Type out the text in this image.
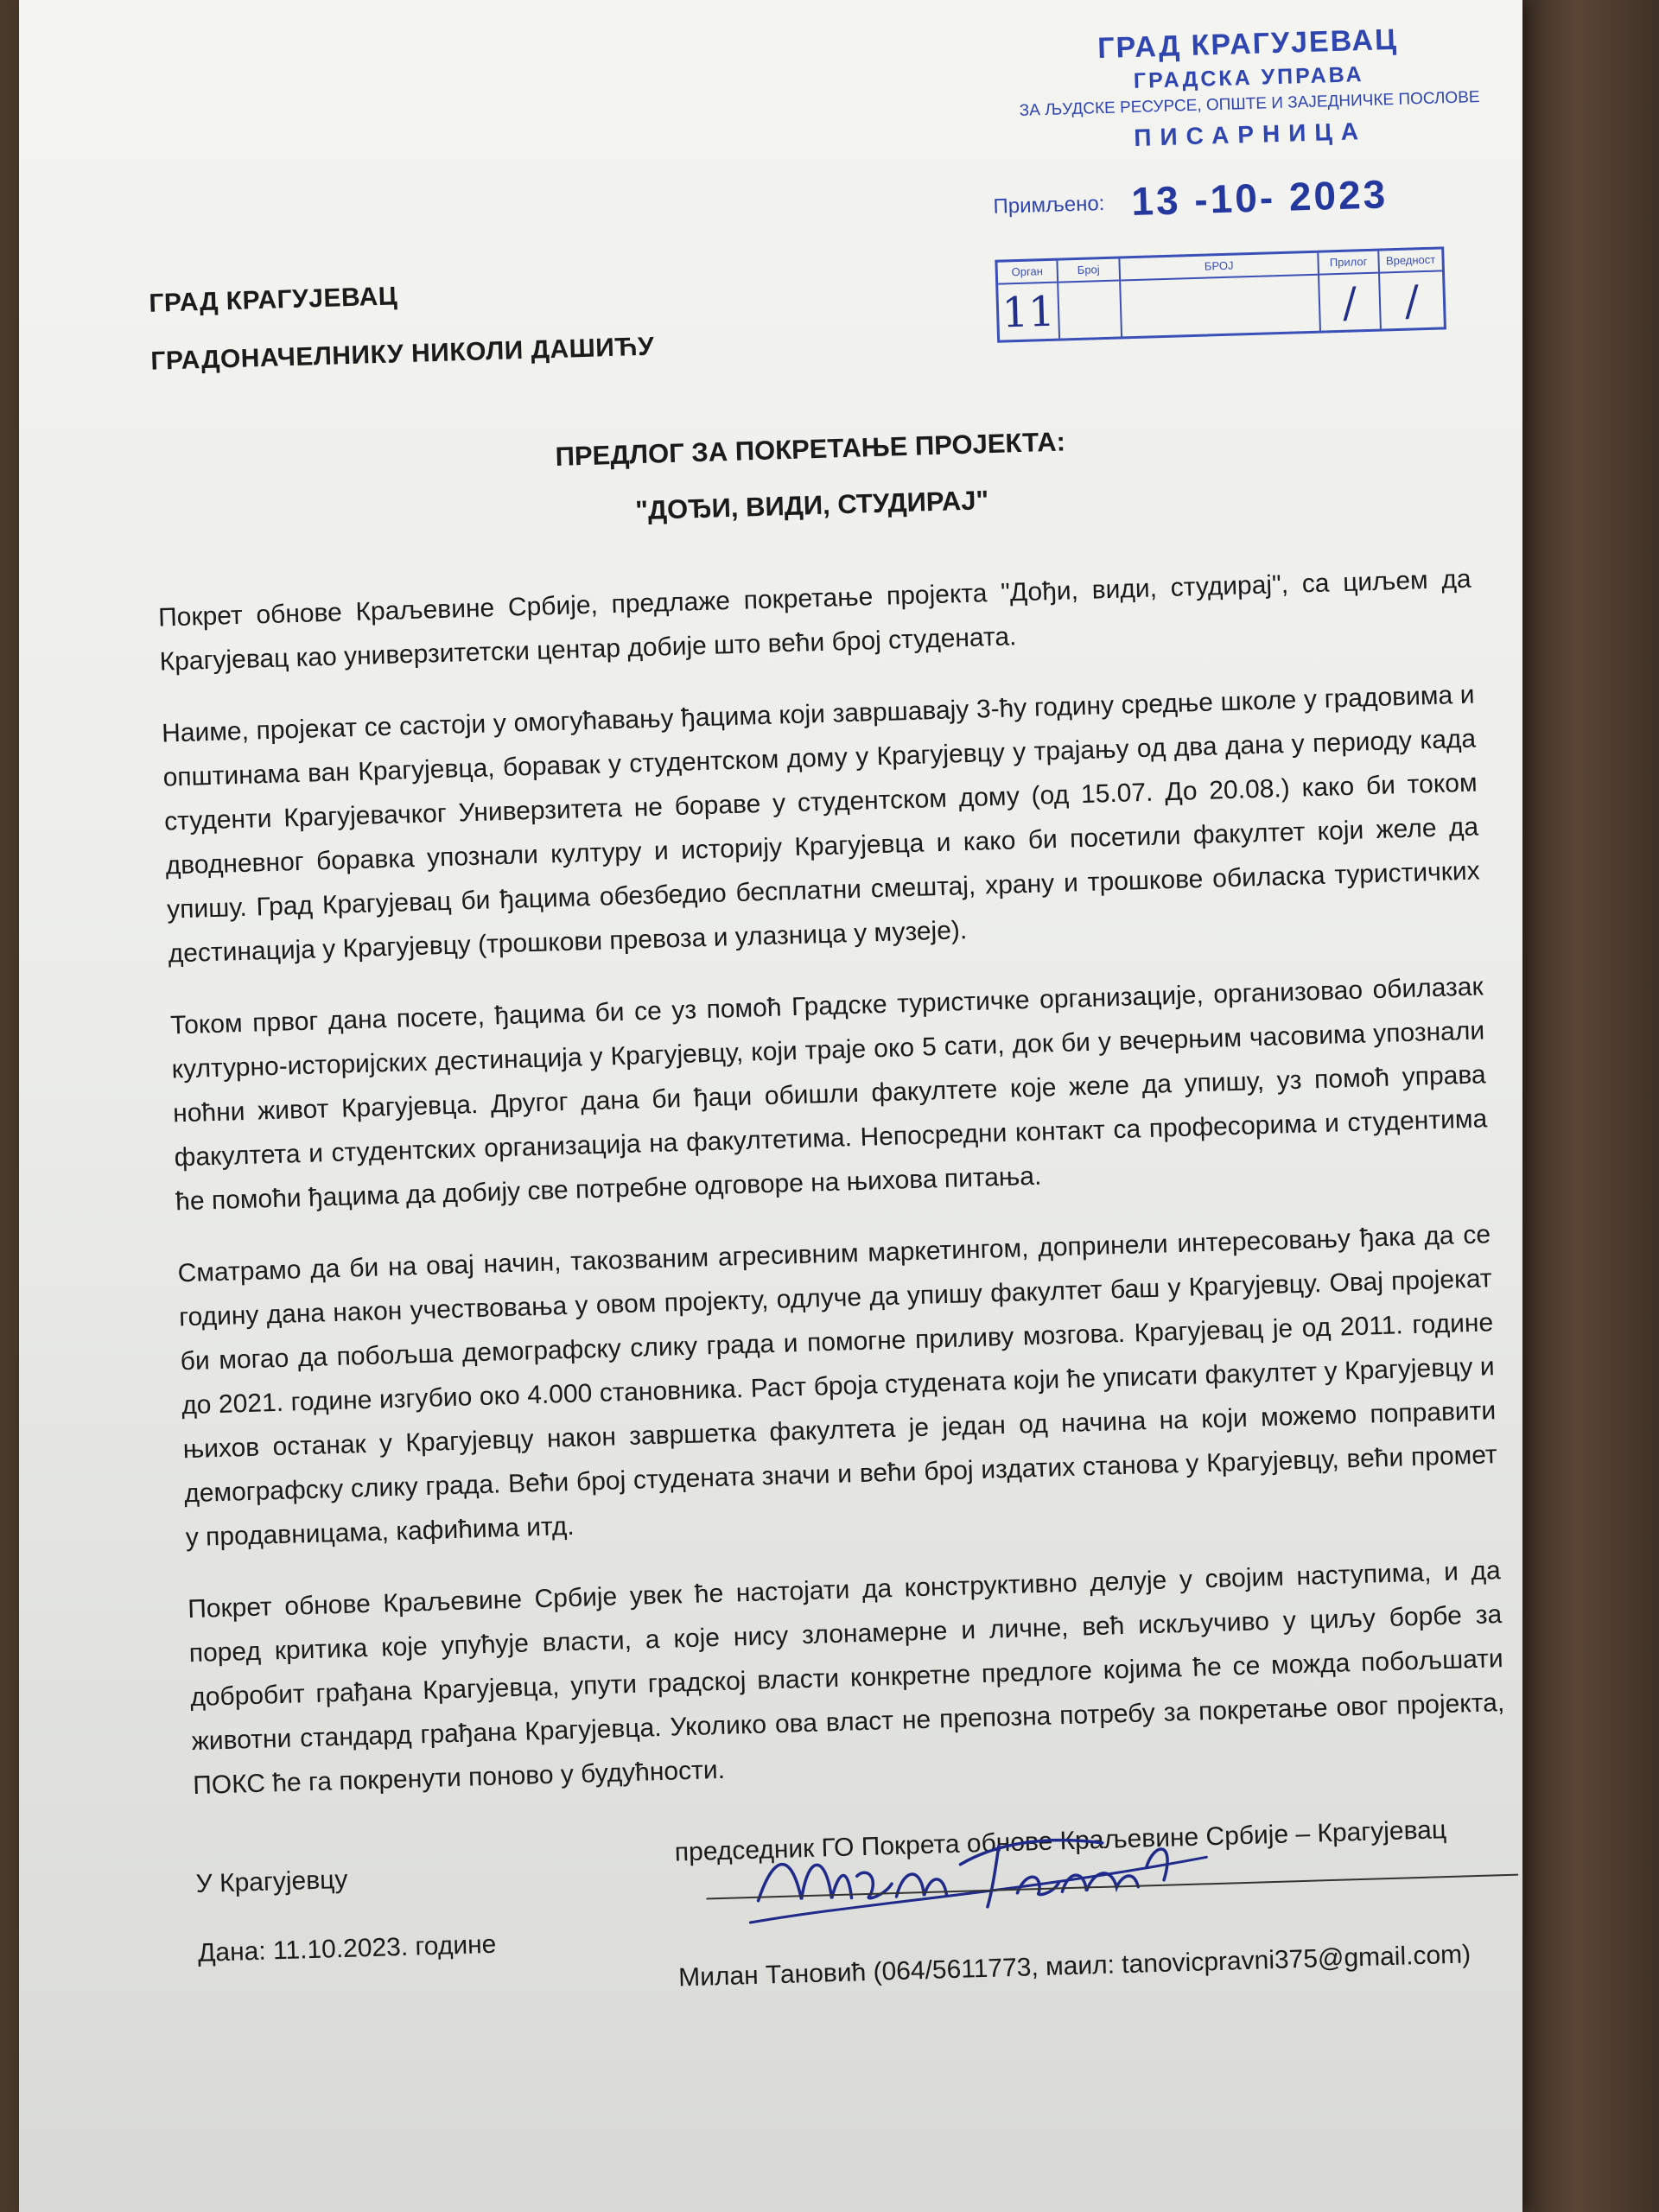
ГРАД КРАГУЈЕВАЦ
ГРАДСКА УПРАВА
ЗА ЉУДСКЕ РЕСУРСЕ, ОПШТЕ И ЗАЈЕДНИЧКЕ ПОСЛОВЕ
ПИСАРНИЦА
Примљено: 13 -10- 2023
Орган
11
Број	БРОЈ	Прилог
/
Вредност
/
ГРАД КРАГУЈЕВАЦ
ГРАДОНАЧЕЛНИКУ НИКОЛИ ДАШИЋУ
ПРЕДЛОГ ЗА ПОКРЕТАЊЕ ПРОЈЕКТА:
"ДОЂИ, ВИДИ, СТУДИРАЈ"

Покрет обнове Краљевине Србије, предлаже покретање пројекта "Дођи, види, студирај", са циљем да Крагујевац као универзитетски центар добије што већи број студената.

Наиме, пројекат се састоји у омогућавању ђацима који завршавају 3-ћу годину средње школе у градовима и општинама ван Крагујевца, боравак у студентском дому у Крагујевцу у трајању од два дана у периоду када студенти Крагујевачког Универзитета не бораве у студентском дому (од 15.07. До 20.08.) како би током дводневног боравка упознали културу и историју Крагујевца и како би посетили факултет који желе да упишу. Град Крагујевац би ђацима обезбедио бесплатни смештај, храну и трошкове обиласка туристичких дестинација у Крагујевцу (трошкови превоза и улазница у музеје).

Током првог дана посете, ђацима би се уз помоћ Градске туристичке организације, организовао обилазак културно-историјских дестинација у Крагујевцу, који траје око 5 сати, док би у вечерњим часовима упознали ноћни живот Крагујевца. Другог дана би ђаци обишли факултете које желе да упишу, уз помоћ управа факултета и студентских организација на факултетима. Непосредни контакт са професорима и студентима ће помоћи ђацима да добију све потребне одговоре на њихова питања.

Сматрамо да би на овај начин, такозваним агресивним маркетингом, допринели интересовању ђака да се годину дана након учествовања у овом пројекту, одлуче да упишу факултет баш у Крагујевцу. Овај пројекат би могао да побољша демографску слику града и помогне приливу мозгова. Крагујевац је од 2011. године до 2021. године изгубио око 4.000 становника. Раст броја студената који ће уписати факултет у Крагујевцу и њихов останак у Крагујевцу након завршетка факултета је један од начина на који можемо поправити демографску слику града. Већи број студената значи и већи број издатих станова у Крагујевцу, већи промет у продавницама, кафићима итд.

Покрет обнове Краљевине Србије увек ће настојати да конструктивно делује у својим наступима, и да поред критика које упућује власти, а које нису злонамерне и личне, већ искључиво у циљу борбе за добробит грађана Крагујевца, упути градској власти конкретне предлоге којима ће се можда побољшати животни стандард грађана Крагујевца. Уколико ова власт не препозна потребу за покретање овог пројекта, ПОКС ће га покренути поново у будућности.

У Крагујевцу
Дана: 11.10.2023. године
председник ГО Покрета обнове Краљевине Србије – Крагујевац
Милан Тановић (064/5611773, маил: tanovicpravni375@gmail.com)
